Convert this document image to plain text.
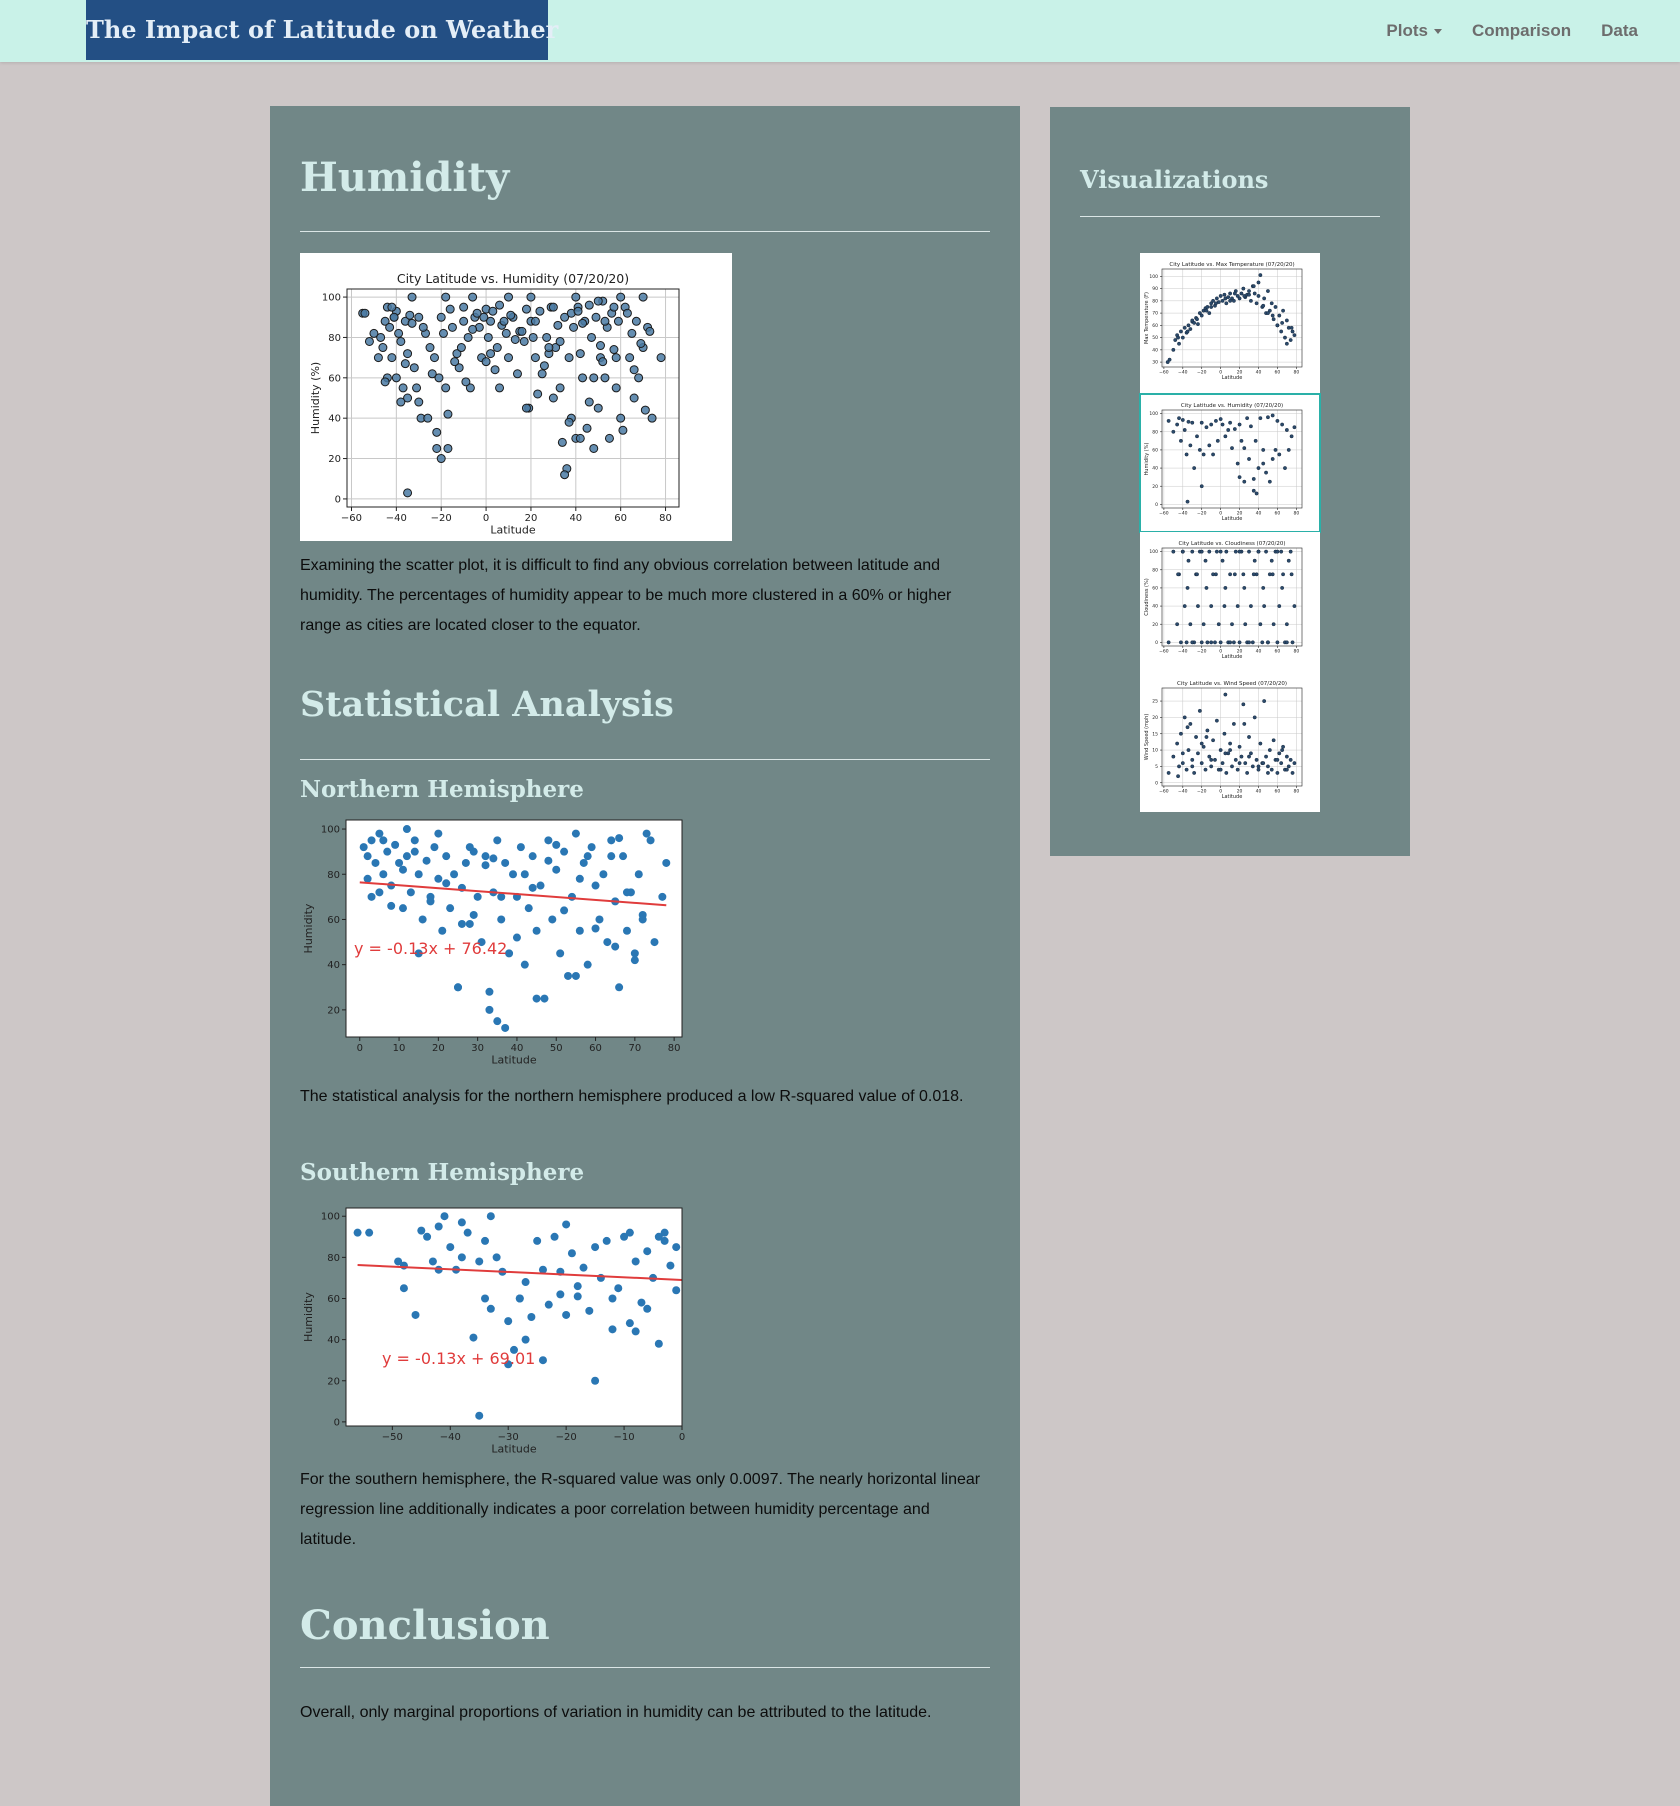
The Impact of Latitude on Weather	Plots	Comparison Data
Humidity
−60 −40 −20	0	20	40	60	80
0
20
40
60
80
100
City Latitude vs. Humidity (07/20/20)
Latitude
Humidity (%)

Examining the scatter plot, it is difficult to find any obvious correlation between latitude and humidity. The percentages of humidity appear to be much more clustered in a 60% or higher range as cities are located closer to the equator.

Statistical Analysis
Northern Hemisphere
y = -0.13x + 76.42
0	10	20	30	40	50	60	70	80
20
40
60
80
100
Latitude
Humidity

The statistical analysis for the northern hemisphere produced a low R-squared value of 0.018.

Southern Hemisphere
y = -0.13x + 69.01
−50	−40	−30	−20	−10	0
0
20
40
60
80
100
Latitude
Humidity

For the southern hemisphere, the R-squared value was only 0.0097. The nearly horizontal linear regression line additionally indicates a poor correlation between humidity percentage and latitude.

Conclusion

Overall, only marginal proportions of variation in humidity can be attributed to the latitude.

Visualizations
−60 −40 −20	0	20	40	60	80
30
40
50
60
70
80
90
100
City Latitude vs. Max Temperature (07/20/20)
Latitude
Max Temperature (F)
−60 −40 −20	0	20	40	60	80
0
20
40
60
80
100
City Latitude vs. Humidity (07/20/20)
Latitude
Humidity (%)
−60 −40 −20	0	20	40	60	80
0
20
40
60
80
100
City Latitude vs. Cloudiness (07/20/20)
Latitude
Cloudiness (%)
−60 −40 −20	0	20	40	60	80
0
5
10
15
20
25
City Latitude vs. Wind Speed (07/20/20)
Latitude
Wind Speed (mph)
